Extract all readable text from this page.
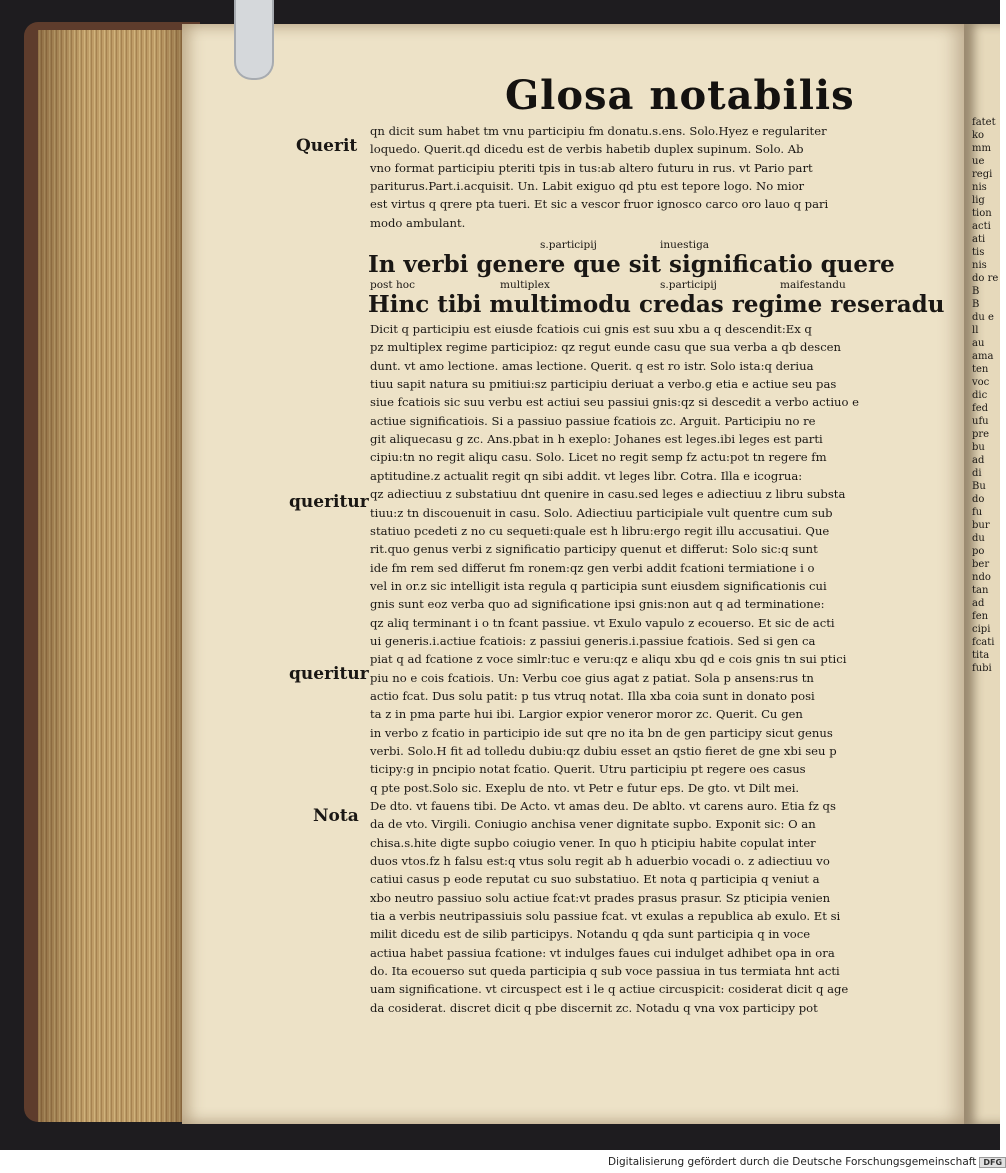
Glosa notabilis
Querit
queritur
queritur
Nota
qn dicit sum habet tm vnu participiu fm donatu.s.ens. Solo.Hyez e regulariter
loquedo. Querit.qd dicedu est de verbis habetib duplex supinum. Solo. Ab
vno format participiu pteriti tpis in tus:ab altero futuru in rus. vt Pario part
pariturus.Part.i.acquisit. Un. Labit exiguo qd ptu est tepore logo. No mior
est virtus q qrere pta tueri. Et sic a vescor fruor ignosco carco oro lauo q pari
modo ambulant.
s.participij	inuestiga
In verbi genere que sit significatio quere
post hoc	multiplex	s.participij	maifestandu
Hinc tibi multimodu credas regime reseradu
Dicit q participiu est eiusde fcatiois cui gnis est suu xbu a q descendit:Ex q
pz multiplex regime participioz: qz regut eunde casu que sua verba a qb descen
dunt. vt amo lectione. amas lectione. Querit. q est ro istr. Solo ista:q deriua
tiuu sapit natura su pmitiui:sz participiu deriuat a verbo.g etia e actiue seu pas
siue fcatiois sic suu verbu est actiui seu passiui gnis:qz si descedit a verbo actiuo e
actiue significatiois. Si a passiuo passiue fcatiois zc. Arguit. Participiu no re
git aliquecasu g zc. Ans.pbat in h exeplo: Johanes est leges.ibi leges est parti
cipiu:tn no regit aliqu casu. Solo. Licet no regit semp fz actu:pot tn regere fm
aptitudine.z actualit regit qn sibi addit. vt leges libr. Cotra. Illa e icogrua:
qz adiectiuu z substatiuu dnt quenire in casu.sed leges e adiectiuu z libru substa
tiuu:z tn discouenuit in casu. Solo. Adiectiuu participiale vult quentre cum sub
statiuo pcedeti z no cu sequeti:quale est h libru:ergo regit illu accusatiui. Que
rit.quo genus verbi z significatio participy quenut et differut: Solo sic:q sunt
ide fm rem sed differut fm ronem:qz gen verbi addit fcationi termiatione i o
vel in or.z sic intelligit ista regula q participia sunt eiusdem significationis cui
gnis sunt eoz verba quo ad significatione ipsi gnis:non aut q ad terminatione:
qz aliq terminant i o tn fcant passiue. vt Exulo vapulo z ecouerso. Et sic de acti
ui generis.i.actiue fcatiois: z passiui generis.i.passiue fcatiois. Sed si gen ca
piat q ad fcatione z voce simlr:tuc e veru:qz e aliqu xbu qd e cois gnis tn sui ptici
piu no e cois fcatiois. Un: Verbu coe gius agat z patiat. Sola p ansens:rus tn
actio fcat. Dus solu patit: p tus vtruq notat. Illa xba coia sunt in donato posi
ta z in pma parte hui ibi. Largior expior veneror moror zc. Querit. Cu gen
in verbo z fcatio in participio ide sut qre no ita bn de gen participy sicut genus
verbi. Solo.H fit ad tolledu dubiu:qz dubiu esset an qstio fieret de gne xbi seu p
ticipy:g in pncipio notat fcatio. Querit. Utru participiu pt regere oes casus
q pte post.Solo sic. Exeplu de nto. vt Petr e futur eps. De gto. vt Dilt mei.
De dto. vt fauens tibi. De Acto. vt amas deu. De ablto. vt carens auro. Etia fz qs
da de vto. Virgili. Coniugio anchisa vener dignitate supbo. Exponit sic: O an
chisa.s.hite digte supbo coiugio vener. In quo h pticipiu habite copulat inter
duos vtos.fz h falsu est:q vtus solu regit ab h aduerbio vocadi o. z adiectiuu vo
catiui casus p eode reputat cu suo substatiuo. Et nota q participia q veniut a
xbo neutro passiuo solu actiue fcat:vt prades prasus prasur. Sz pticipia venien
tia a verbis neutripassiuis solu passiue fcat. vt exulas a republica ab exulo. Et si
milit dicedu est de silib participys. Notandu q qda sunt participia q in voce
actiua habet passiua fcatione: vt indulges faues cui indulget adhibet opa in ora
do. Ita ecouerso sut queda participia q sub voce passiua in tus termiata hnt acti
uam significatione. vt circuspect est i le q actiue circuspicit: cosiderat dicit q age
da cosiderat. discret dicit q pbe discernit zc. Notadu q vna vox participy pot
fatet
ko
mm
ue
regi
nis
lig
tion
acti
ati
tis
nis
do re
B
B
du e
ll
au
ama
ten
voc
dic
fed
ufu
pre
bu
ad
di
Bu
do
fu
bur
du
po
ber
ndo
tan
ad
fen
cipi
fcati
tita
fubi
Digitalisierung gefördert durch die Deutsche Forschungsgemeinschaft DFG
